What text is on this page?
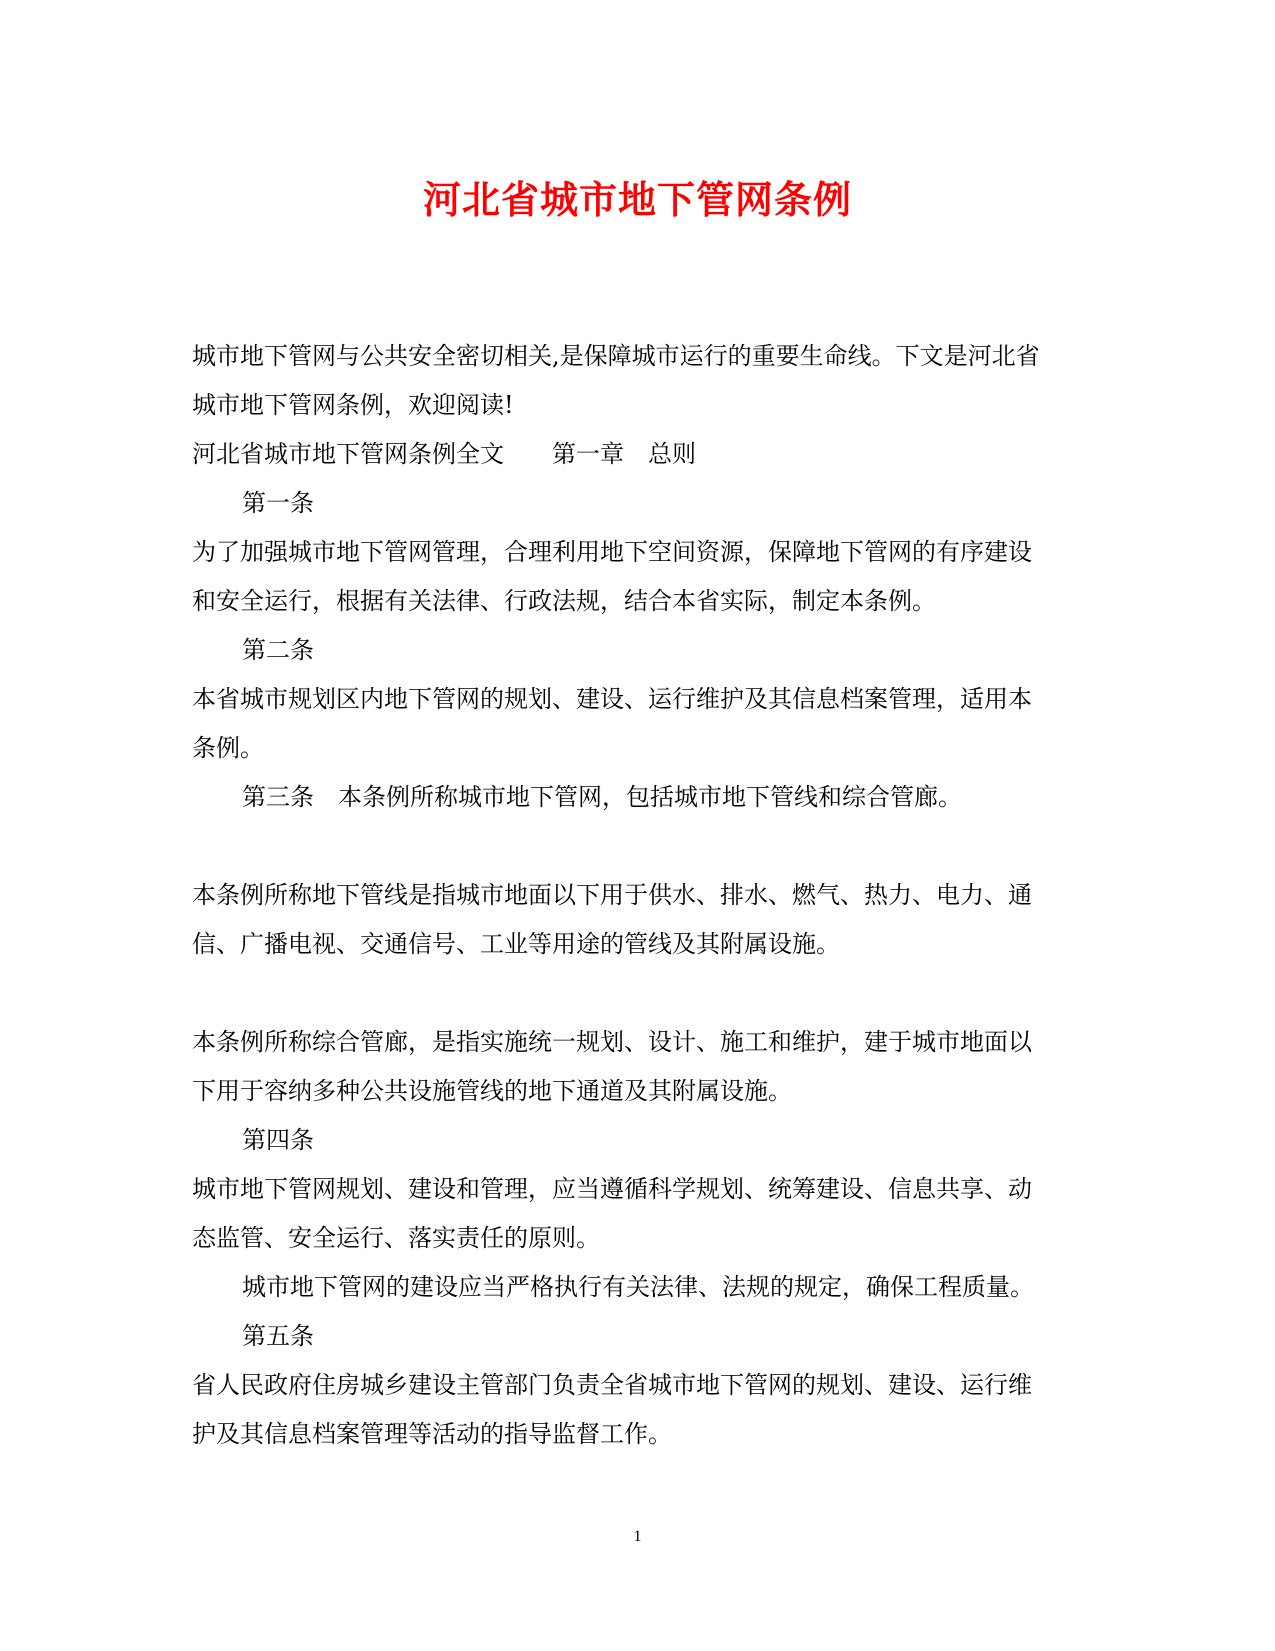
河北省城市地下管网条例

城市地下管网与公共安全密切相关,是保障城市运行的重要生命线。下文是河北省

城市地下管网条例，欢迎阅读!

河北省城市地下管网条例全文　　第一章　总则

第一条

为了加强城市地下管网管理，合理利用地下空间资源，保障地下管网的有序建设

和安全运行，根据有关法律、行政法规，结合本省实际，制定本条例。

第二条

本省城市规划区内地下管网的规划、建设、运行维护及其信息档案管理，适用本

条例。

第三条　本条例所称城市地下管网，包括城市地下管线和综合管廊。

本条例所称地下管线是指城市地面以下用于供水、排水、燃气、热力、电力、通

信、广播电视、交通信号、工业等用途的管线及其附属设施。

本条例所称综合管廊，是指实施统一规划、设计、施工和维护，建于城市地面以

下用于容纳多种公共设施管线的地下通道及其附属设施。

第四条

城市地下管网规划、建设和管理，应当遵循科学规划、统筹建设、信息共享、动

态监管、安全运行、落实责任的原则。

城市地下管网的建设应当严格执行有关法律、法规的规定，确保工程质量。

第五条

省人民政府住房城乡建设主管部门负责全省城市地下管网的规划、建设、运行维

护及其信息档案管理等活动的指导监督工作。

1
